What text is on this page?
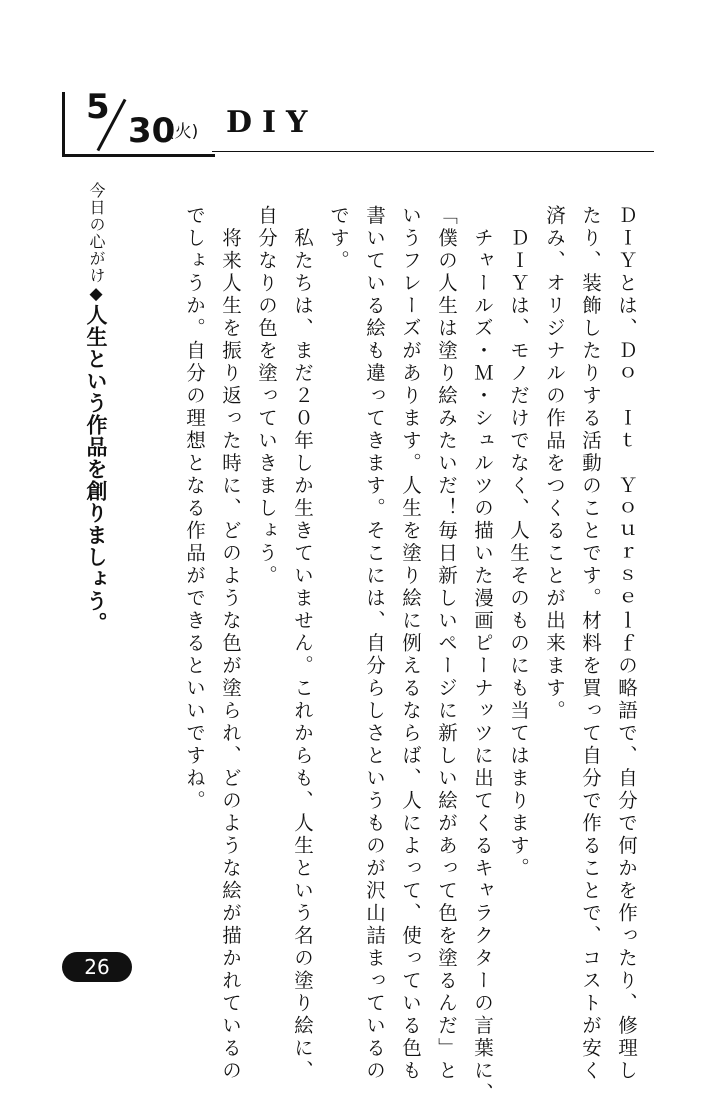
5
30
(火) DIY
ＤＩＹとは、Ｄｏ　Ｉｔ　Ｙｏｕｒｓｅｌｆの略語で、自分で何かを作ったり、修理し
たり、装飾したりする活動のことです。材料を買って自分で作ることで、コストが安く
済み、オリジナルの作品をつくることが出来ます。
　ＤＩＹは、モノだけでなく、人生そのものにも当てはまります。
　チャールズ・Ｍ・シュルツの描いた漫画ピーナッツに出てくるキャラクターの言葉に、
「僕の人生は塗り絵みたいだ！毎日新しいページに新しい絵があって色を塗るんだ」と
いうフレーズがあります。人生を塗り絵に例えるならば、人によって、使っている色も
書いている絵も違ってきます。そこには、自分らしさというものが沢山詰まっているの
です。
　私たちは、まだ２０年しか生きていません。これからも、人生という名の塗り絵に、
自分なりの色を塗っていきましょう。
　将来人生を振り返った時に、どのような色が塗られ、どのような絵が描かれているの
でしょうか。自分の理想となる作品ができるといいですね。
今日の心がけ◆人生という作品を創りましょう。
26
